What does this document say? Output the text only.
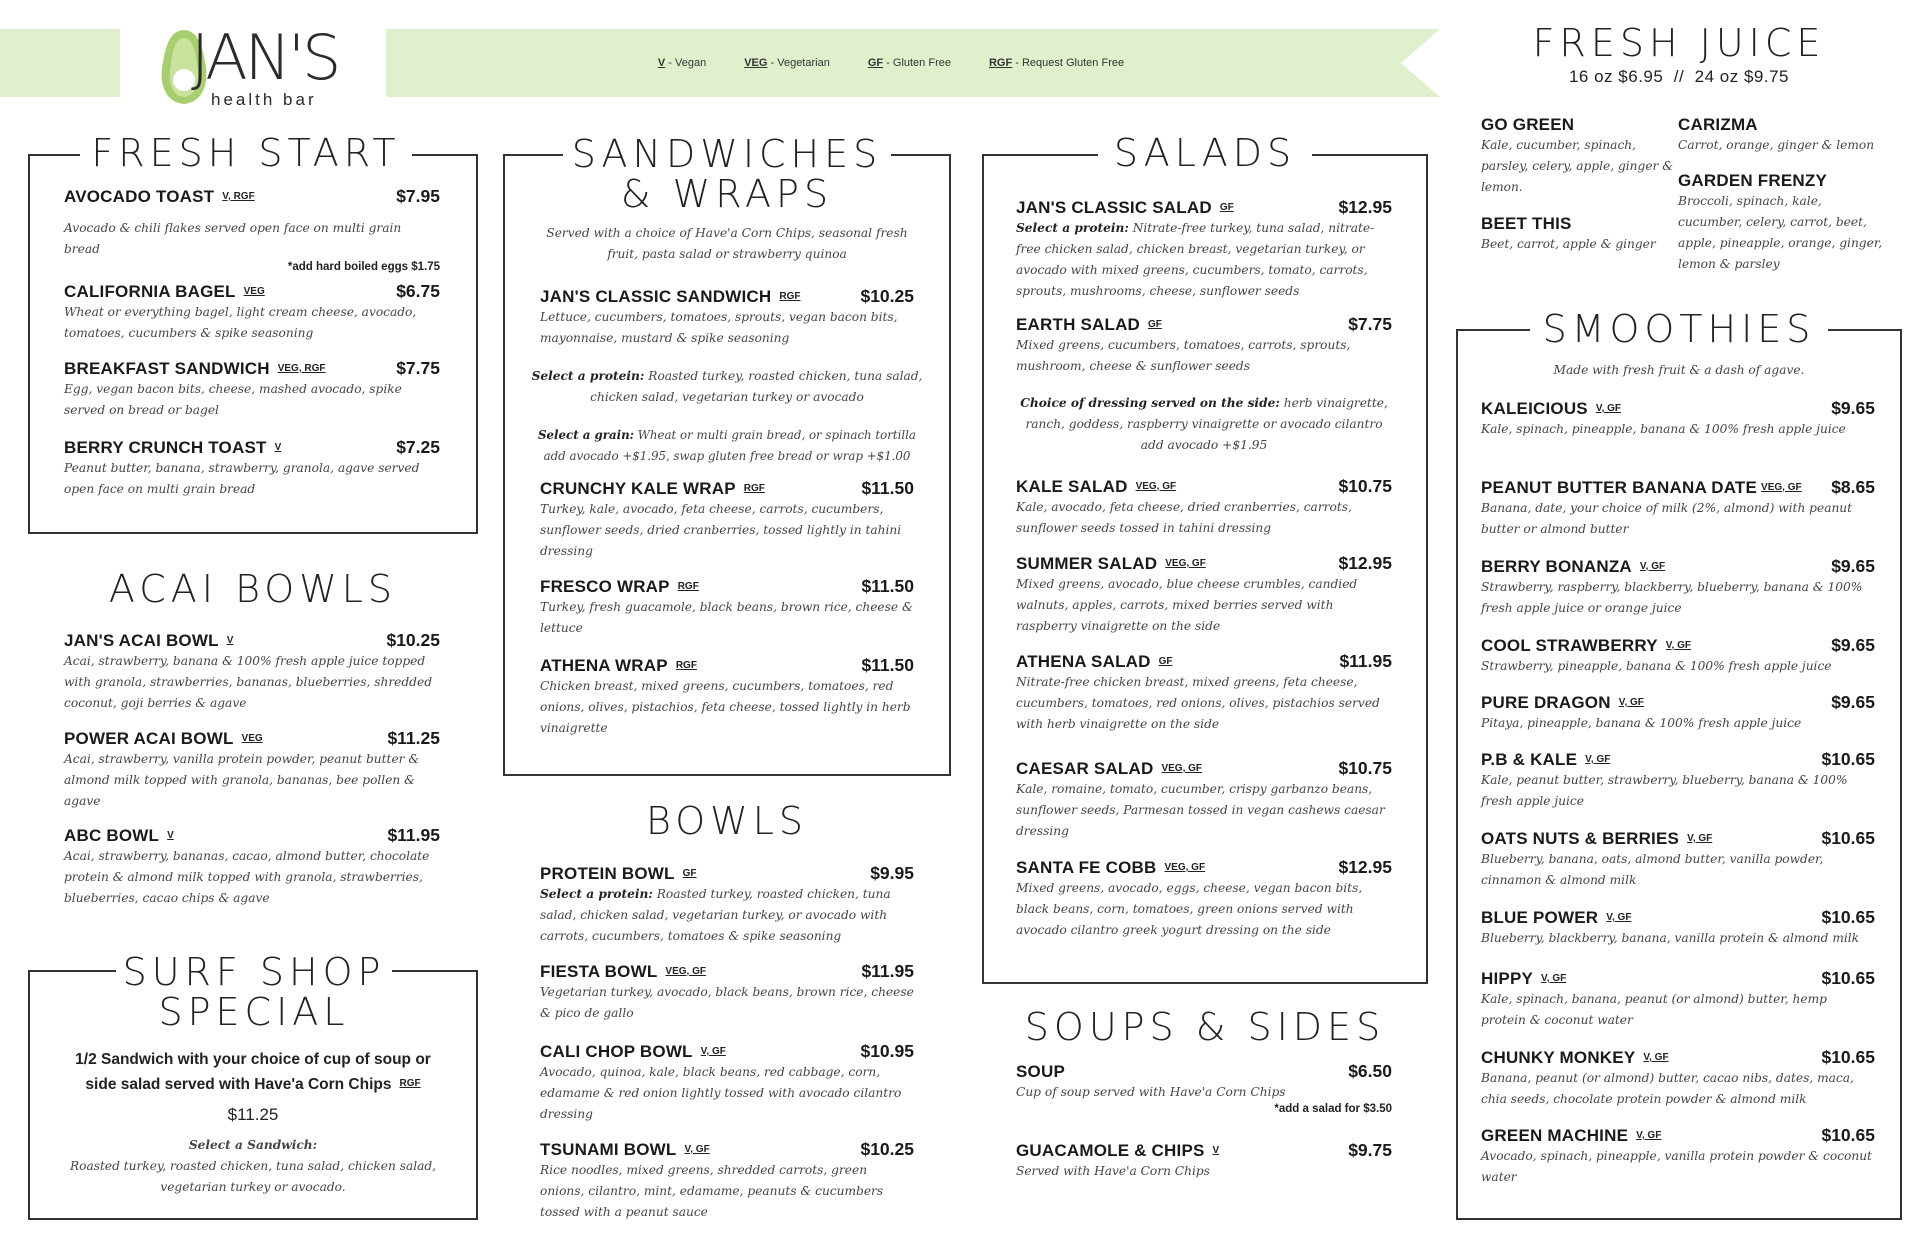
V - Vegan	VEG - Vegetarian	GF - Gluten Free	RGF - Request Gluten Free
JAN'S
health bar
FRESH START
AVOCADO TOAST V, RGF	$7.95
Avocado & chili flakes served open face on multi grain bread
*add hard boiled eggs $1.75
CALIFORNIA BAGEL VEG	$6.75
Wheat or everything bagel, light cream cheese, avocado, tomatoes, cucumbers & spike seasoning
BREAKFAST SANDWICH VEG, RGF	$7.75
Egg, vegan bacon bits, cheese, mashed avocado, spike served on bread or bagel
BERRY CRUNCH TOAST V	$7.25
Peanut butter, banana, strawberry, granola, agave served open face on multi grain bread
ACAI BOWLS
JAN'S ACAI BOWL V	$10.25
Acai, strawberry, banana & 100% fresh apple juice topped with granola, strawberries, bananas, blueberries, shredded coconut, goji berries & agave
POWER ACAI BOWL VEG	$11.25
Acai, strawberry, vanilla protein powder, peanut butter & almond milk topped with granola, bananas, bee pollen & agave
ABC BOWL V	$11.95
Acai, strawberry, bananas, cacao, almond butter, chocolate protein & almond milk topped with granola, strawberries, blueberries, cacao chips & agave
SURF SHOP
SPECIAL
1/2 Sandwich with your choice of cup of soup or
side salad served with Have'a Corn Chips RGF
$11.25
Select a Sandwich:
Roasted turkey, roasted chicken, tuna salad, chicken salad,
vegetarian turkey or avocado.
SANDWICHES
& WRAPS
Served with a choice of Have'a Corn Chips, seasonal fresh
fruit, pasta salad or strawberry quinoa
JAN'S CLASSIC SANDWICH RGF	$10.25
Lettuce, cucumbers, tomatoes, sprouts, vegan bacon bits, mayonnaise, mustard & spike seasoning
Select a protein: Roasted turkey, roasted chicken, tuna salad,
chicken salad, vegetarian turkey or avocado
Select a grain: Wheat or multi grain bread, or spinach tortilla
add avocado +$1.95, swap gluten free bread or wrap +$1.00
CRUNCHY KALE WRAP RGF	$11.50
Turkey, kale, avocado, feta cheese, carrots, cucumbers, sunflower seeds, dried cranberries, tossed lightly in tahini dressing
FRESCO WRAP RGF	$11.50
Turkey, fresh guacamole, black beans, brown rice, cheese & lettuce
ATHENA WRAP RGF	$11.50
Chicken breast, mixed greens, cucumbers, tomatoes, red onions, olives, pistachios, feta cheese, tossed lightly in herb vinaigrette
BOWLS
PROTEIN BOWL GF	$9.95
Select a protein: Roasted turkey, roasted chicken, tuna salad, chicken salad, vegetarian turkey, or avocado with carrots, cucumbers, tomatoes & spike seasoning
FIESTA BOWL VEG, GF	$11.95
Vegetarian turkey, avocado, black beans, brown rice, cheese & pico de gallo
CALI CHOP BOWL V, GF	$10.95
Avocado, quinoa, kale, black beans, red cabbage, corn, edamame & red onion lightly tossed with avocado cilantro dressing
TSUNAMI BOWL V, GF	$10.25
Rice noodles, mixed greens, shredded carrots, green onions, cilantro, mint, edamame, peanuts & cucumbers tossed with a peanut sauce
SALADS
JAN'S CLASSIC SALAD GF	$12.95
Select a protein: Nitrate-free turkey, tuna salad, nitrate-free chicken salad, chicken breast, vegetarian turkey, or avocado with mixed greens, cucumbers, tomato, carrots, sprouts, mushrooms, cheese, sunflower seeds
EARTH SALAD GF	$7.75
Mixed greens, cucumbers, tomatoes, carrots, sprouts, mushroom, cheese & sunflower seeds
Choice of dressing served on the side: herb vinaigrette, ranch, goddess, raspberry vinaigrette or avocado cilantro
add avocado +$1.95
KALE SALAD VEG, GF	$10.75
Kale, avocado, feta cheese, dried cranberries, carrots, sunflower seeds tossed in tahini dressing
SUMMER SALAD VEG, GF	$12.95
Mixed greens, avocado, blue cheese crumbles, candied walnuts, apples, carrots, mixed berries served with raspberry vinaigrette on the side
ATHENA SALAD GF	$11.95
Nitrate-free chicken breast, mixed greens, feta cheese, cucumbers, tomatoes, red onions, olives, pistachios served with herb vinaigrette on the side
CAESAR SALAD VEG, GF	$10.75
Kale, romaine, tomato, cucumber, crispy garbanzo beans, sunflower seeds, Parmesan tossed in vegan cashews caesar dressing
SANTA FE COBB VEG, GF	$12.95
Mixed greens, avocado, eggs, cheese, vegan bacon bits, black beans, corn, tomatoes, green onions served with avocado cilantro greek yogurt dressing on the side
SOUPS & SIDES
SOUP	$6.50
Cup of soup served with Have'a Corn Chips
*add a salad for $3.50
GUACAMOLE & CHIPS V	$9.75
Served with Have'a Corn Chips
FRESH JUICE
16 oz $6.95  //  24 oz $9.75
GO GREEN
Kale, cucumber, spinach, parsley, celery, apple, ginger & lemon.
BEET THIS
Beet, carrot, apple & ginger
CARIZMA
Carrot, orange, ginger & lemon
GARDEN FRENZY
Broccoli, spinach, kale, cucumber, celery, carrot, beet, apple, pineapple, orange, ginger, lemon & parsley
SMOOTHIES
Made with fresh fruit & a dash of agave.
KALEICIOUS V, GF	$9.65
Kale, spinach, pineapple, banana & 100% fresh apple juice
PEANUT BUTTER BANANA DATE VEG, GF $8.65
Banana, date, your choice of milk (2%, almond) with peanut butter or almond butter
BERRY BONANZA V, GF	$9.65
Strawberry, raspberry, blackberry, blueberry, banana & 100% fresh apple juice or orange juice
COOL STRAWBERRY V, GF	$9.65
Strawberry, pineapple, banana & 100% fresh apple juice
PURE DRAGON V, GF	$9.65
Pitaya, pineapple, banana & 100% fresh apple juice
P.B & KALE V, GF	$10.65
Kale, peanut butter, strawberry, blueberry, banana & 100% fresh apple juice
OATS NUTS & BERRIES V, GF	$10.65
Blueberry, banana, oats, almond butter, vanilla powder, cinnamon & almond milk
BLUE POWER V, GF	$10.65
Blueberry, blackberry, banana, vanilla protein & almond milk
HIPPY V, GF	$10.65
Kale, spinach, banana, peanut (or almond) butter, hemp protein & coconut water
CHUNKY MONKEY V, GF	$10.65
Banana, peanut (or almond) butter, cacao nibs, dates, maca, chia seeds, chocolate protein powder & almond milk
GREEN MACHINE V, GF	$10.65
Avocado, spinach, pineapple, vanilla protein powder & coconut water
